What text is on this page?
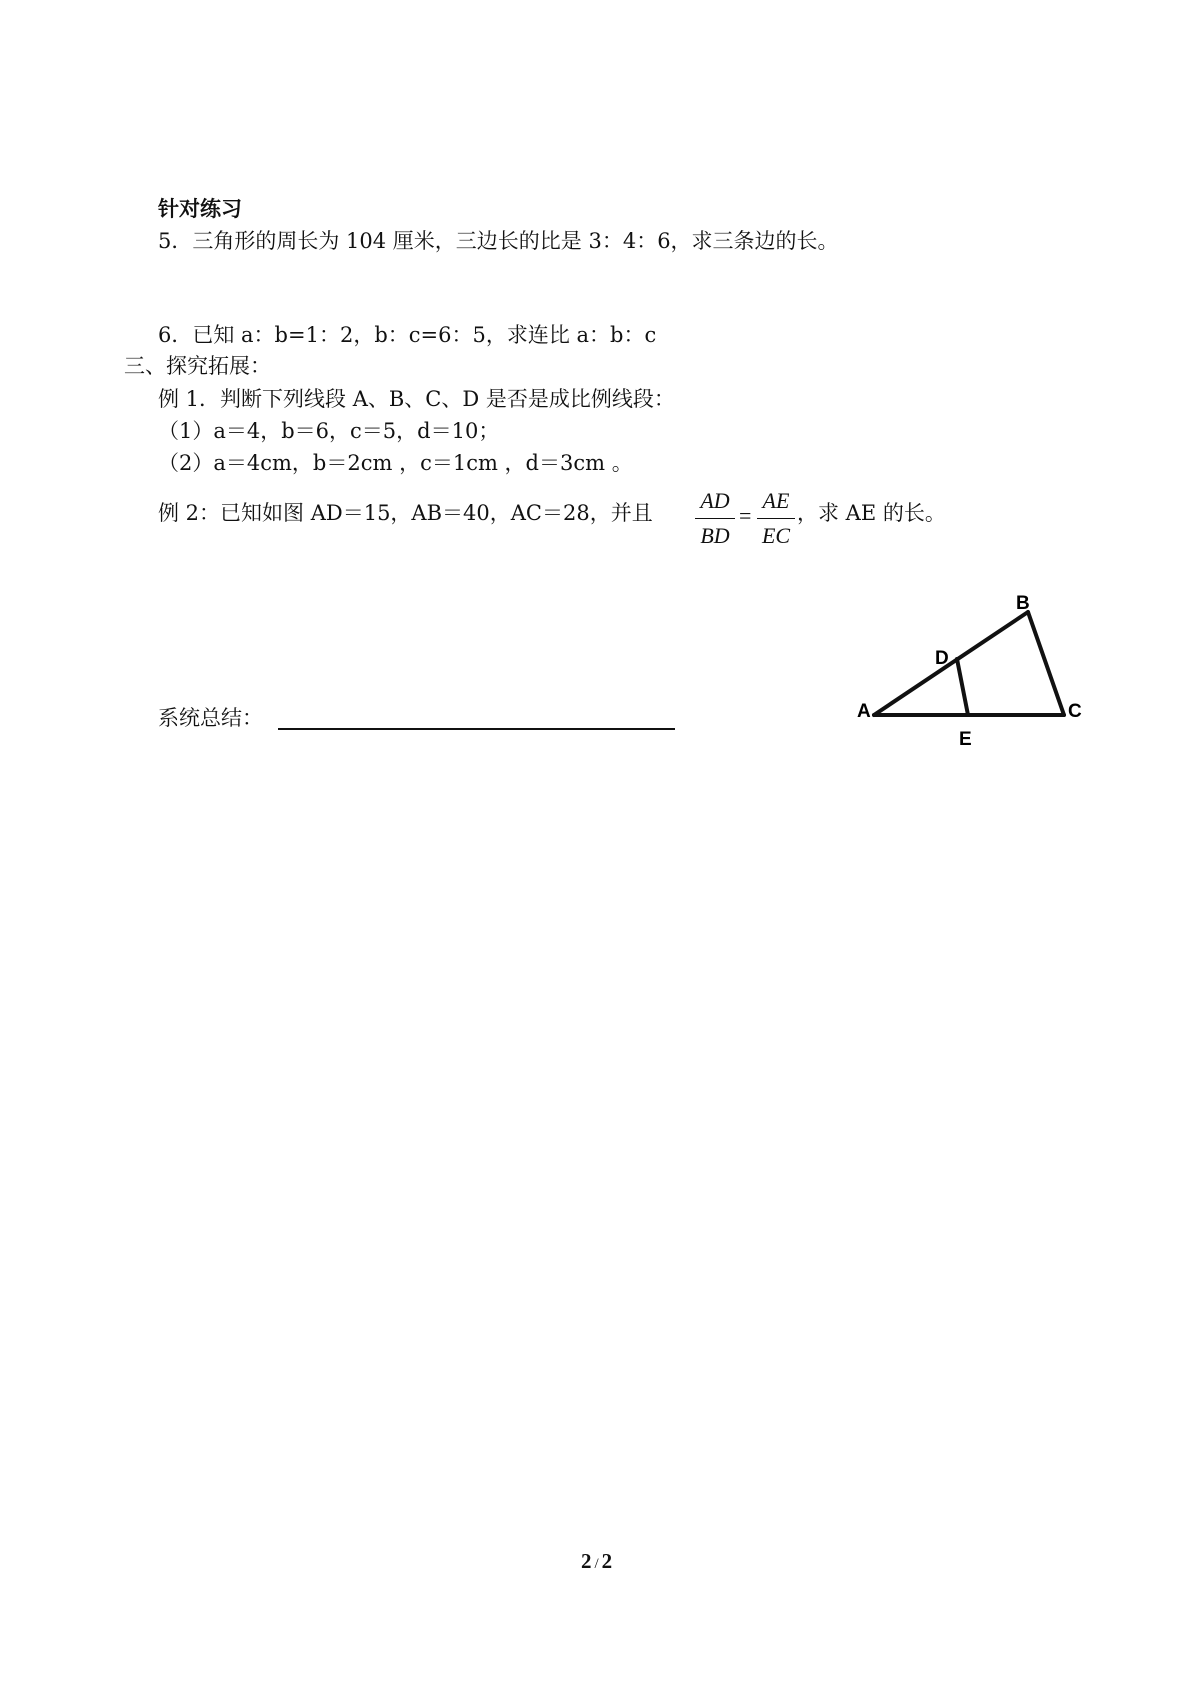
针对练习
5．三角形的周长为 104 厘米，三边长的比是 3：4：6，求三条边的长。
6．已知 a：b=1：2，b：c=6：5，求连比 a：b：c
三、探究拓展：
例 1．判断下列线段 A、B、C、D 是否是成比例线段：
（1）a＝4，b＝6，c＝5，d＝10；
（2）a＝4cm，b＝2cm ，c＝1cm ，d＝3cm 。
例 2：已知如图 AD＝15，AB＝40，AC＝28，并且 AD
BD
=
AE
EC
，求 AE 的长。
系统总结：
B
D
A	C
E
2 / 2
